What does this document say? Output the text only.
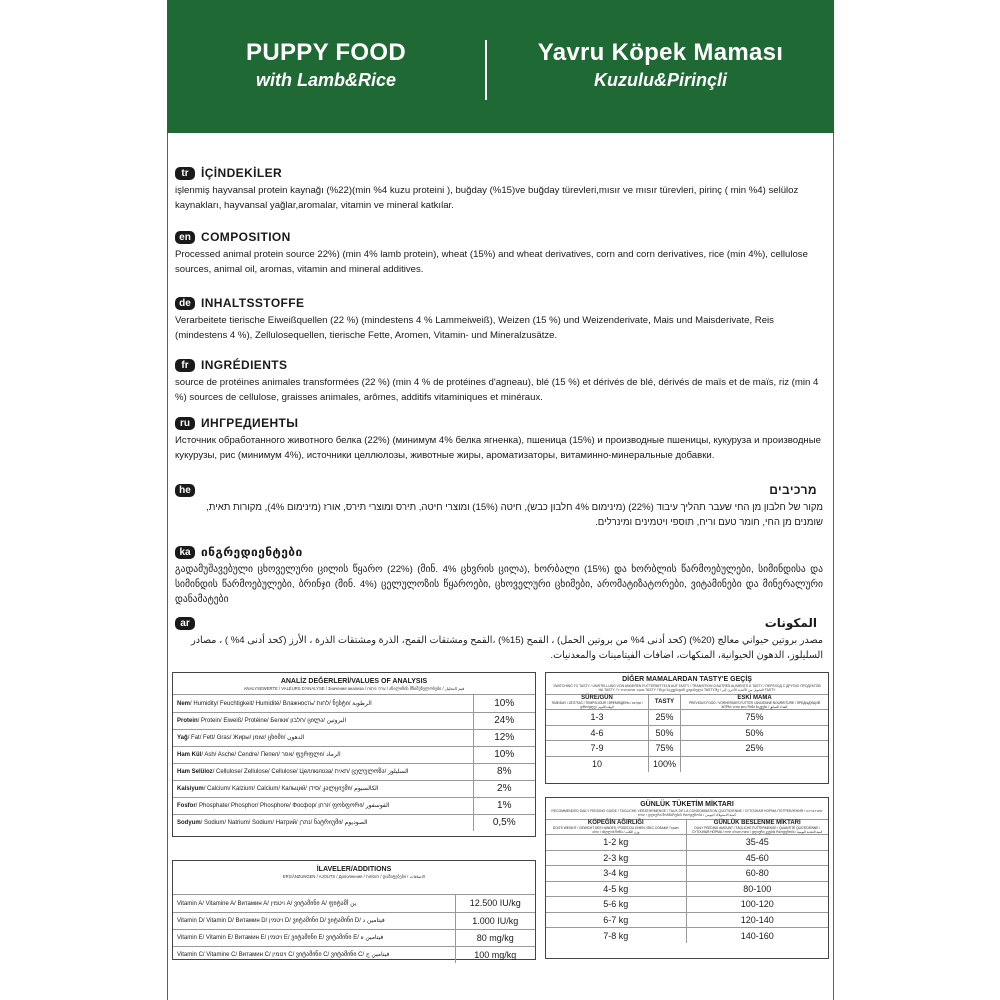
PUPPY FOOD
with Lamb&Rice
Yavru Köpek Maması
Kuzulu&Pirinçli
tr	İÇİNDEKİLER
işlenmiş hayvansal protein kaynağı (%22)(min %4 kuzu proteini ), buğday (%15)ve buğday türevleri,mısır ve mısır türevleri, pirinç ( min %4) selüloz kaynakları, hayvansal yağlar,aromalar, vitamin ve mineral katkılar.
en COMPOSITION
Processed animal protein source 22%) (min 4% lamb protein), wheat (15%) and wheat derivatives, corn and corn derivatives, rice (min 4%), cellulose sources, animal oil, aromas, vitamin and mineral additives.
de INHALTSSTOFFE
Verarbeitete tierische Eiweißquellen (22 %) (mindestens 4 % Lammeiweiß), Weizen (15 %) und Weizenderivate, Mais und Maisderivate, Reis (mindestens 4 %), Zellulosequellen, tierische Fette, Aromen, Vitamin- und Mineralzusätze.
fr	INGRÉDIENTS
source de protéines animales transformées (22 %) (min 4 % de protéines d'agneau), blé (15 %) et dérivés de blé, dérivés de maïs et de maïs, riz (min 4 %) sources de cellulose, graisses animales, arômes, additifs vitaminiques et minéraux.
ru ИНГРЕДИЕНТЫ
Источник обработанного животного белка (22%) (минимум 4% белка ягненка), пшеница (15%) и производные пшеницы, кукуруза и производные кукурузы, рис (минимум 4%), источники целлюлозы, животные жиры, ароматизаторы, витаминно-минеральные добавки.
he	מרכיבים
מקור של חלבון מן החי שעבר תהליך עיבוד (22%) (מינימום 4% חלבון כבש), חיטה (15%) ומוצרי חיטה, תירס ומוצרי תירס, אורז (מינימום 4%), מקורות תאית, שומנים מן החי, חומר טעם וריח, תוספי ויטמינים ומינרלים.
ka ინგრედიენტები
გადამუშავებული ცხოველური ცილის წყარო (22%) (მინ. 4% ცხვრის ცილა), ხორბალი (15%) და ხორბლის წარმოებულები, სიმინდისა და სიმინდის წარმოებულები, ბრინჯი (მინ. 4%) ცელულოზის წყაროები, ცხოველური ცხიმები, არომატიზატორები, ვიტამინები და მინერალური დანამატები
ar	المكونات
مصدر بروتين حيواني معالج (20%) (كحد أدنى 4% من بروتين الحمل) ، القمح (15%) ،القمح ومشتقات القمح، الذرة ومشتقات الذرة ، الأرز (كحد أدنى 4% ) ، مصادر السليلوز، الدهون الحيوانية، المنكهات، اضافات الفيتامينات والمعدنيات.
ANALİZ DEĞERLERİ/VALUES OF ANALYSIS
ANALYSEWERTE / VALEURS D'ANALYSE / Значения анализа / ערכי ניתוח / ანალიზის მნიშვნელობები / قيم التحليل
Nem/ Humidity/ Feuchtigkeit/ Humidité/ Влажность/ לחות/ ნესტი/ الرطوبة	10%
Protein/ Protein/ Eiweiß/ Protéine/ Белки/ חלבון/ ცილა/ البروتين	24%
Yağ/ Fat/ Fett/ Gras/ Жиры/ שומן/ ცხიმი/ الدهون	12%
Ham Kül/ Ash/ Asche/ Cendre/ Пепел/ אפר/ ფერფლი/ الرماد	10%
Ham Selüloz/ Cellulose/ Zellulose/ Cellulose/ Целлюлоза/ תאית/ ცელულოზა/ السليلوز	8%
Kalsiyum/ Calcium/ Kalzium/ Calcium/ Кальций/ סידן/ კალციუმი/ الكالسيوم	2%
Fosfor/ Phosphate/ Phosphor/ Phosphore/ Фосфор/ זרחן/ ფოსფორი/ الفوسفور	1%
Sodyum/ Sodium/ Natrium/ Sodium/ Натрий/ נתרן/ ნატრიუმი/ الصوديوم	0,5%
İLAVELER/ADDITIONS
ERGÄNZUNGEN / AJOUTS / Дополнения / תוספות / დამატებები / الاضافات
Vitamin A/ Vitamine A/ Витамин A/ ויטמין A/ ვიტამინი A/ ფიტამين أ	12.500 IU/kg
Vitamin D/ Vitamin D/ Витамин D/ ויטמין D/ ვიტამინი D/ ვიტამინი D/ فيتامين د	1.000 IU/kg
Vitamin E/ Vitamin E/ Витамин E/ ויטמין E/ ვიტამინი E/ ვიტამინი E/ فيتامين ه	80 mg/kg
Vitamin C/ Vitamine C/ Витамин C/ ויטמין C/ ვიტამინი C/ ვიტამინი C/ فيتامين ج	100 mg/kg
DİĞER MAMALARDAN TASTY'E GEÇİŞ
SWITCHING TO TASTY / UMSTELLUNG VON ANDEREN FUTTERMITTELN AUF TASTY / TRANSITION D'AUTRES ALIMENTS À TASTY / ПЕРЕХОД С ДРУГИХ ПРОДУКТОВ НА TASTY / מעבר ממזון אחר ל-TASTY / სხვა საკვებიდან გადასვლა TASTY-ზე / التحويل من الأغذية الأخرى إلى TASTY
SÜRE/GÜN
TIME/DAY / ZEIT/TAG / TEMPS/JOUR / ВРЕМЯ/ДЕНЬ / זמן/יום / დრო/დღე / الوقت/اليوم	TASTY	ESKİ MAMA
PREVIOUS FOOD / VORHERIGES FUTTER / ANCIENNE NOURRITURE / ПРЕДЫДУЩИЙ КОРМ / מזון קודם / წინა საკვები / الغذاء السابق

1-3	25%	75%
4-6	50%	50%
7-9	75%	25%
10	100%	
GÜNLÜK TÜKETİM MİKTARI
RECOMMENDED DAILY FEEDING GUIDE / TÄGLICHE VERZEHRMENGE / TAUX DE LA CONSOMMATION QUOTIDIENNE / СУТОЧНАЯ НОРМА ПОТРЕБЛЕНИЯ / כמות צריכה יומית / დღიური მოხმარების რაოდენობა / كمية الاستهلاك اليومي
KÖPEĞİN AĞIRLIĞI
DOG'S WEIGHT / GEWICHT DES HUNDES / POIDS DU CHIEN / ВЕС СОБАКИ / משקל הכלב / ძაღლის წონა / وزن الكلب	GÜNLÜK BESLENME MİKTARI
DAILY FEEDING AMOUNT / TÄGLICHE FUTTERMENGE / QUANTITÉ QUOTIDIENNE / СУТОЧНАЯ НОРМА / כמות האכלה יומית / დღიური კვების რაოდენობა / كمية التغذية اليومية

1-2 kg	35-45
2-3 kg	45-60
3-4 kg	60-80
4-5 kg	80-100
5-6 kg	100-120
6-7 kg	120-140
7-8 kg	140-160
